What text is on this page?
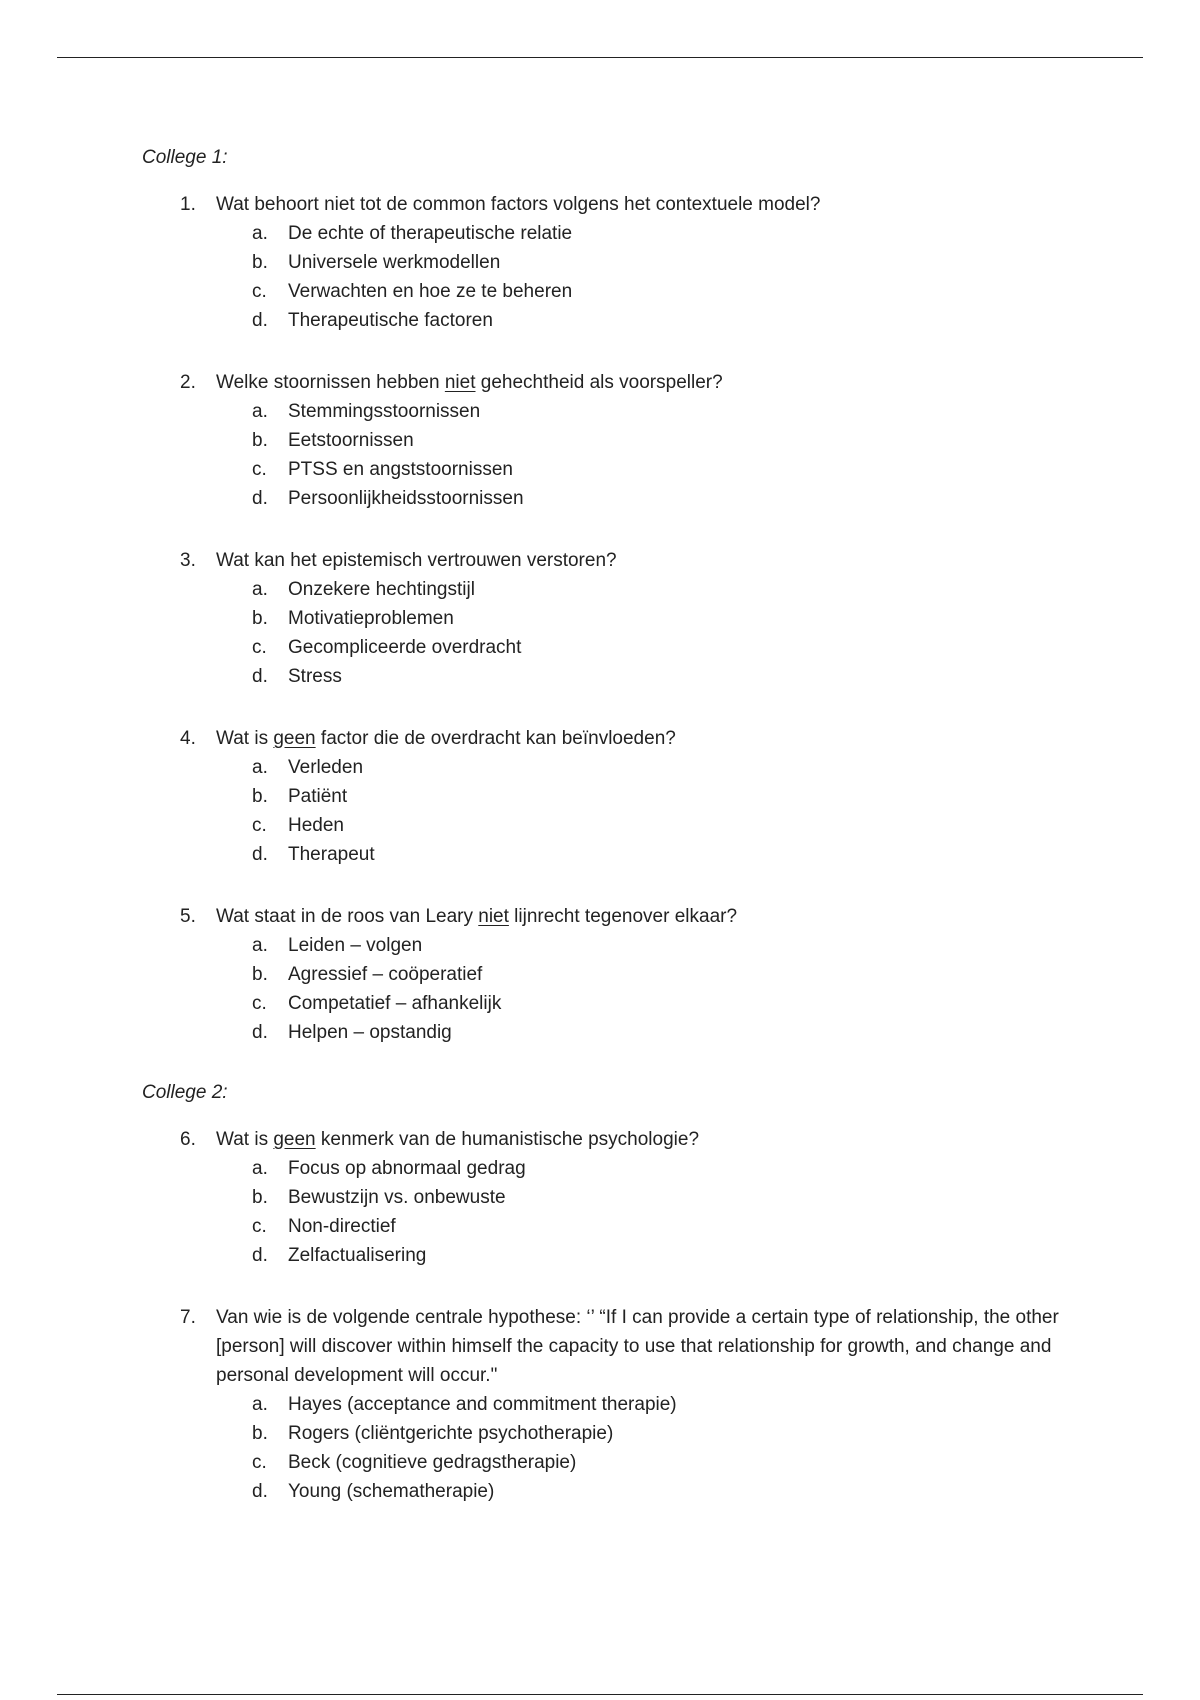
College 1:
1. Wat behoort niet tot de common factors volgens het contextuele model?
a. De echte of therapeutische relatie
b. Universele werkmodellen
c. Verwachten en hoe ze te beheren
d. Therapeutische factoren
2. Welke stoornissen hebben niet gehechtheid als voorspeller?
a. Stemmingsstoornissen
b. Eetstoornissen
c. PTSS en angststoornissen
d. Persoonlijkheidsstoornissen
3. Wat kan het epistemisch vertrouwen verstoren?
a. Onzekere hechtingstijl
b. Motivatieproblemen
c. Gecompliceerde overdracht
d. Stress
4. Wat is geen factor die de overdracht kan beïnvloeden?
a. Verleden
b. Patiënt
c. Heden
d. Therapeut
5. Wat staat in de roos van Leary niet lijnrecht tegenover elkaar?
a. Leiden – volgen
b. Agressief – coöperatief
c. Competatief – afhankelijk
d. Helpen – opstandig
College 2:
6. Wat is geen kenmerk van de humanistische psychologie?
a. Focus op abnormaal gedrag
b. Bewustzijn vs. onbewuste
c. Non-directief
d. Zelfactualisering
7. Van wie is de volgende centrale hypothese: ‘’ “If I can provide a certain type of relationship, the other [person] will discover within himself the capacity to use that relationship for growth, and change and personal development will occur."
a. Hayes (acceptance and commitment therapie)
b. Rogers (cliëntgerichte psychotherapie)
c. Beck (cognitieve gedragstherapie)
d. Young (schematherapie)
